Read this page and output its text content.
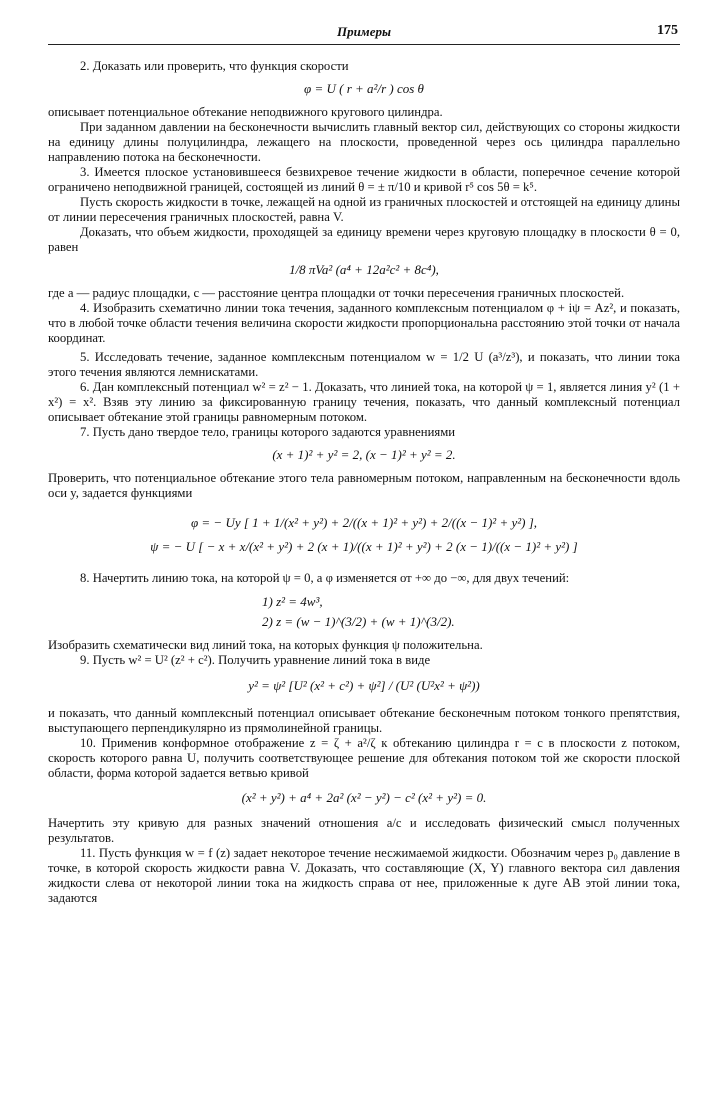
Примеры	175

2. Доказать или проверить, что функция скорости

φ = U ( r + a²/r ) cos θ

описывает потенциальное обтекание неподвижного кругового цилиндра.

При заданном давлении на бесконечности вычислить главный вектор сил, действующих со стороны жидкости на единицу длины полуцилиндра, лежащего на плоскости, проведенной через ось цилиндра параллельно направлению потока на бесконечности.

3. Имеется плоское установившееся безвихревое течение жидкости в области, поперечное сечение которой ограничено неподвижной границей, состоящей из линий θ = ± π/10 и кривой r⁵ cos 5θ = k⁵.

Пусть скорость жидкости в точке, лежащей на одной из граничных плоскостей и отстоящей на единицу длины от линии пересечения граничных плоскостей, равна V.

Доказать, что объем жидкости, проходящей за единицу времени через круговую площадку в плоскости θ = 0, равен

1/8 πVa² (a⁴ + 12a²c² + 8c⁴),

где a — радиус площадки, c — расстояние центра площадки от точки пересечения граничных плоскостей.

4. Изобразить схематично линии тока течения, заданного комплексным потенциалом φ + iψ = Az², и показать, что в любой точке области течения величина скорости жидкости пропорциональна расстоянию этой точки от начала координат.

5. Исследовать течение, заданное комплексным потенциалом w = 1/2 U (a³/z³), и показать, что линии тока этого течения являются лемнискатами.

6. Дан комплексный потенциал w² = z² − 1. Доказать, что линией тока, на которой ψ = 1, является линия y² (1 + x²) = x². Взяв эту линию за фиксированную границу течения, показать, что данный комплексный потенциал описывает обтекание этой границы равномерным потоком.

7. Пусть дано твердое тело, границы которого задаются уравнениями

(x + 1)² + y² = 2, (x − 1)² + y² = 2.

Проверить, что потенциальное обтекание этого тела равномерным потоком, направленным на бесконечности вдоль оси y, задается функциями

φ = − Uy [ 1 + 1/(x² + y²) + 2/((x + 1)² + y²) + 2/((x − 1)² + y²) ],
ψ = − U [ − x + x/(x² + y²) + 2 (x + 1)/((x + 1)² + y²) + 2 (x − 1)/((x − 1)² + y²) ]

8. Начертить линию тока, на которой ψ = 0, а φ изменяется от +∞ до −∞, для двух течений:

1) z² = 4w³,
2) z = (w − 1)^(3/2) + (w + 1)^(3/2).

Изобразить схематически вид линий тока, на которых функция ψ положительна.

9. Пусть w² = U² (z² + c²). Получить уравнение линий тока в виде

y² = ψ² [U² (x² + c²) + ψ²] / (U² (U²x² + ψ²))

и показать, что данный комплексный потенциал описывает обтекание бесконечным потоком тонкого препятствия, выступающего перпендикулярно из прямолинейной границы.

10. Применив конформное отображение z = ζ + a²/ζ к обтеканию цилиндра r = c в плоскости z потоком, скорость которого равна U, получить соответствующее решение для обтекания потоком той же скорости плоской области, форма которой задается ветвью кривой

(x² + y²) + a⁴ + 2a² (x² − y²) − c² (x² + y²) = 0.

Начертить эту кривую для разных значений отношения a/c и исследовать физический смысл полученных результатов.

11. Пусть функция w = f (z) задает некоторое течение несжимаемой жидкости. Обозначим через p₀ давление в точке, в которой скорость жидкости равна V. Доказать, что составляющие (X, Y) главного вектора сил давления жидкости слева от некоторой линии тока на жидкость справа от нее, приложенные к дуге AB этой линии тока, задаются
